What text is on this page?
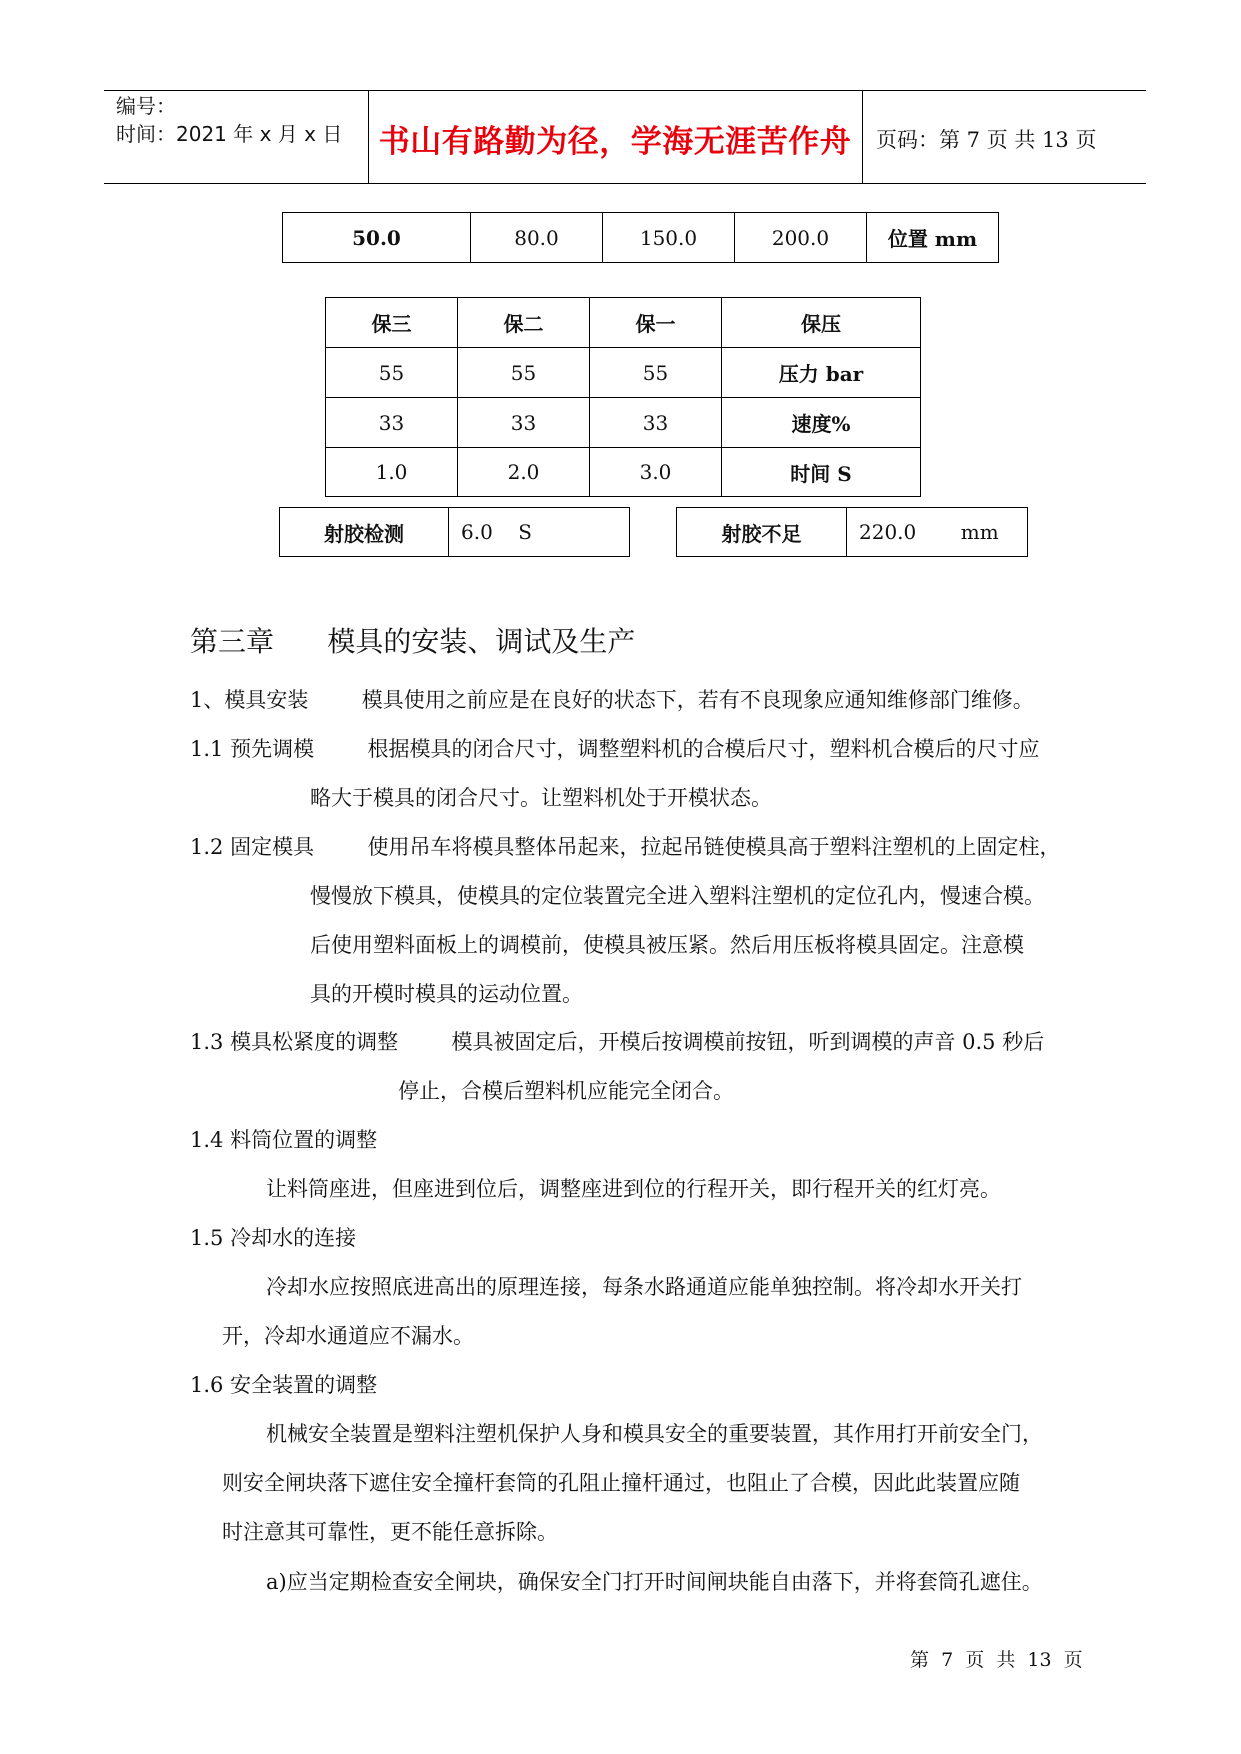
编号：
时间：2021 年 x 月 x 日 书山有路勤为径，学海无涯苦作舟	页码：第 7 页 共 13 页
50.0	80.0	150.0	200.0	位置 mm
保三	保二	保一	保压
55	55	55	压力 bar
33	33	33	速度%
1.0	2.0	3.0	时间 S
射胶检测	6.0    S	射胶不足	220.0       mm
第三章      模具的安装、调试及生产
1、模具安装        模具使用之前应是在良好的状态下，若有不良现象应通知维修部门维修。
1.1 预先调模        根据模具的闭合尺寸，调整塑料机的合模后尺寸，塑料机合模后的尺寸应
略大于模具的闭合尺寸。让塑料机处于开模状态。
1.2 固定模具        使用吊车将模具整体吊起来，拉起吊链使模具高于塑料注塑机的上固定柱，
慢慢放下模具，使模具的定位装置完全进入塑料注塑机的定位孔内，慢速合模。
后使用塑料面板上的调模前，使模具被压紧。然后用压板将模具固定。注意模
具的开模时模具的运动位置。
1.3 模具松紧度的调整        模具被固定后，开模后按调模前按钮，听到调模的声音 0.5 秒后
停止，合模后塑料机应能完全闭合。
1.4 料筒位置的调整
让料筒座进，但座进到位后，调整座进到位的行程开关，即行程开关的红灯亮。
1.5 冷却水的连接
冷却水应按照底进高出的原理连接，每条水路通道应能单独控制。将冷却水开关打
开，冷却水通道应不漏水。
1.6 安全装置的调整
机械安全装置是塑料注塑机保护人身和模具安全的重要装置，其作用打开前安全门，
则安全闸块落下遮住安全撞杆套筒的孔阻止撞杆通过，也阻止了合模，因此此装置应随
时注意其可靠性，更不能任意拆除。
a)应当定期检查安全闸块，确保安全门打开时间闸块能自由落下，并将套筒孔遮住。
第  7  页  共  13  页
